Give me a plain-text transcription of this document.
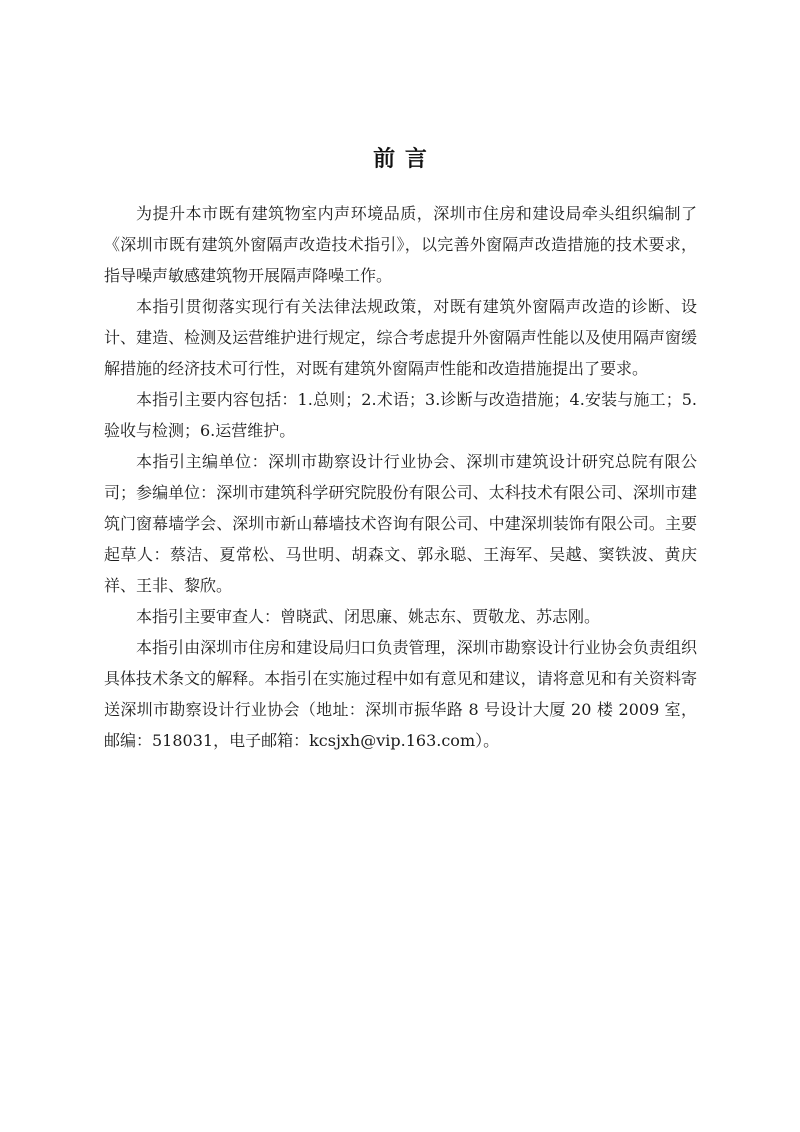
前 言

为提升本市既有建筑物室内声环境品质，深圳市住房和建设局牵头组织编制了《深圳市既有建筑外窗隔声改造技术指引》，以完善外窗隔声改造措施的技术要求，指导噪声敏感建筑物开展隔声降噪工作。

本指引贯彻落实现行有关法律法规政策，对既有建筑外窗隔声改造的诊断、设计、建造、检测及运营维护进行规定，综合考虑提升外窗隔声性能以及使用隔声窗缓解措施的经济技术可行性，对既有建筑外窗隔声性能和改造措施提出了要求。

本指引主要内容包括：1.总则；2.术语；3.诊断与改造措施；4.安装与施工；5.验收与检测；6.运营维护。

本指引主编单位：深圳市勘察设计行业协会、深圳市建筑设计研究总院有限公司；参编单位：深圳市建筑科学研究院股份有限公司、太科技术有限公司、深圳市建筑门窗幕墙学会、深圳市新山幕墙技术咨询有限公司、中建深圳装饰有限公司。主要起草人：蔡洁、夏常松、马世明、胡森文、郭永聪、王海军、吴越、窦铁波、黄庆祥、王非、黎欣。

本指引主要审查人：曾晓武、闭思廉、姚志东、贾敬龙、苏志刚。

本指引由深圳市住房和建设局归口负责管理，深圳市勘察设计行业协会负责组织具体技术条文的解释。本指引在实施过程中如有意见和建议，请将意见和有关资料寄送深圳市勘察设计行业协会（地址：深圳市振华路 8 号设计大厦 20 楼 2009 室，邮编：518031，电子邮箱：kcsjxh@vip.163.com）。
